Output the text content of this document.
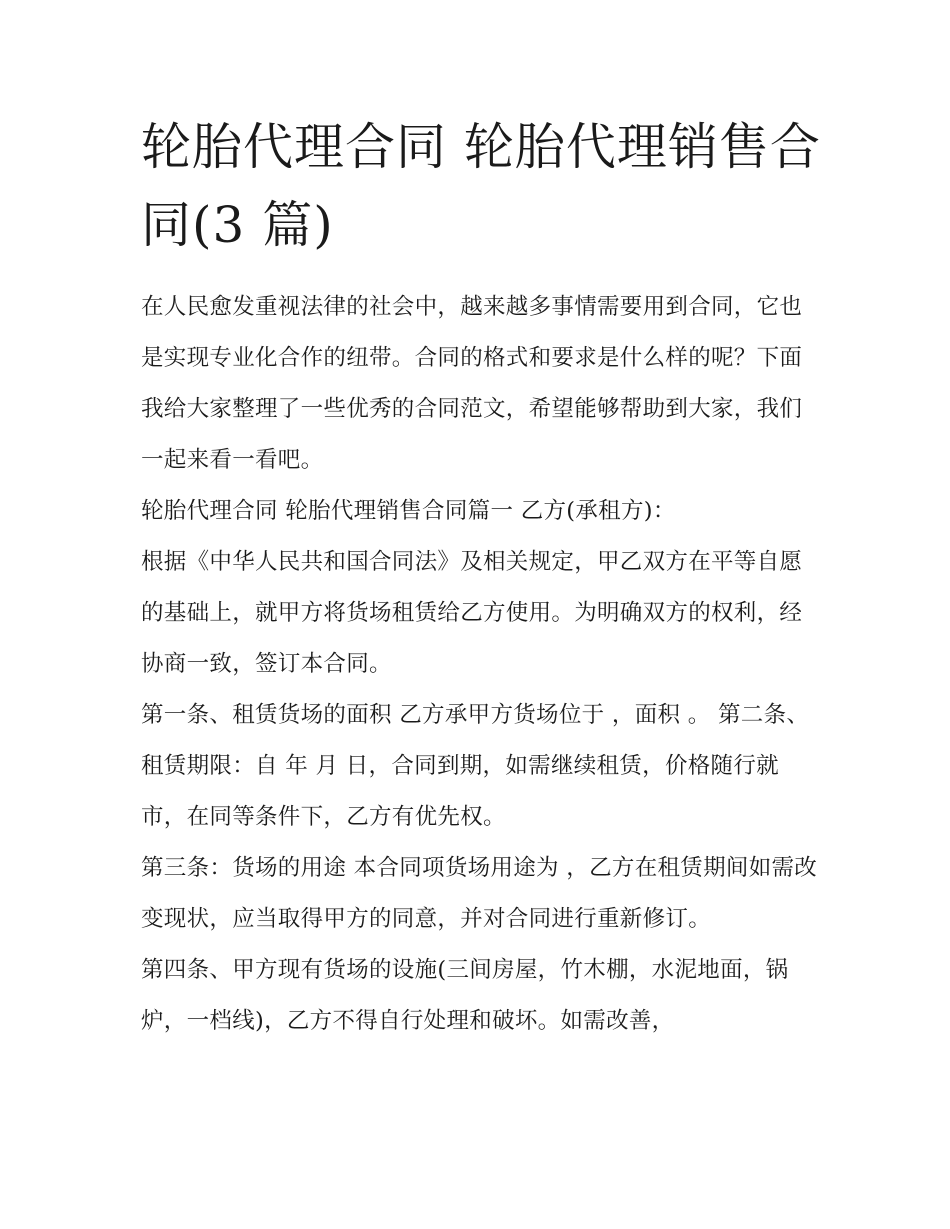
轮胎代理合同 轮胎代理销售合同(3 篇)

在人民愈发重视法律的社会中，越来越多事情需要用到合同，它也是实现专业化合作的纽带。合同的格式和要求是什么样的呢？下面我给大家整理了一些优秀的合同范文，希望能够帮助到大家，我们一起来看一看吧。

轮胎代理合同 轮胎代理销售合同篇一 乙方(承租方)：

根据《中华人民共和国合同法》及相关规定，甲乙双方在平等自愿的基础上，就甲方将货场租赁给乙方使用。为明确双方的权利，经协商一致，签订本合同。

第一条、租赁货场的面积 乙方承甲方货场位于 ，面积 。 第二条、租赁期限：自 年 月 日，合同到期，如需继续租赁，价格随行就市，在同等条件下，乙方有优先权。

第三条：货场的用途 本合同项货场用途为 ，乙方在租赁期间如需改变现状，应当取得甲方的同意，并对合同进行重新修订。

第四条、甲方现有货场的设施(三间房屋，竹木棚，水泥地面，锅炉，一档线)，乙方不得自行处理和破坏。如需改善，
